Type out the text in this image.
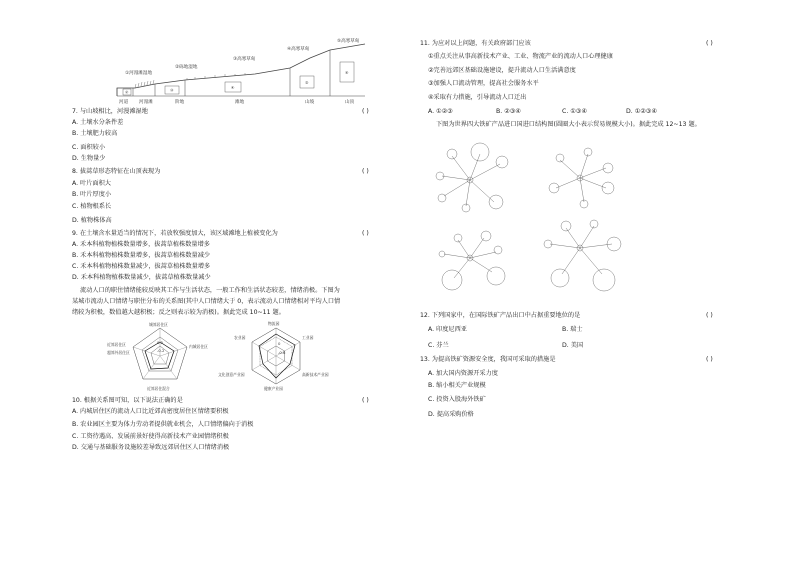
②	③	④
⑤
⑥
①河漫滩湿地
②砾地湿地
③高寒草甸
④高寒草甸
⑤高寒草甸
河道 河漫滩	阶地	滩地	山坡	山顶
7. 与山坡相比，河漫滩湿地	( )
A. 土壤水分条件差
B. 土壤肥力较高
C. 面积较小
D. 生物量少
8. 拔蒿草形态特征在山顶表现为	( )
A. 叶片面积大
B. 叶片厚度小
C. 植物根系长
D. 植物株体高
9. 在土壤含水量适当的情况下，若放牧强度加大，该区域滩地上植被变化为	( )
A. 禾本科植物植株数量增多，拔蒿草植株数量增多
B. 禾本科植物植株数量增多，拔蒿草植株数量减少
C. 禾本科植物植株数量减少，拔蒿草植株数量增多
D. 禾本科植物植株数量减少，拔蒿草植株数量减少
流动人口的职住情绪能较反映其工作与生活状态，一般工作和生活状态较差，情绪消极。下图为
某城市流动人口情绪与职住分布的关系图(其中人口情绪大于 0，表示流动人口情绪相对平均人口情
绪较为积极，数值越大越积极；反之则表示较为消极)。据此完成 10~11 题。
0.2
-0.2
城郊居住区
内城居住区
近郊居住混合
近郊居住区
超郊外居住区
0
-0.6
物流园
工业园
高新技术产业园
健康产业园
文化创意产业园
农业园
10. 根据关系图可知，以下说法正确的是	( )
A. 内城居住区的流动人口比近郊高密度居住区情绪要积极
B. 农业园区主要为体力劳动者提供就业机会，人口情绪偏向于消极
C. 工资待遇高、发展前景好使得高新技术产业园情绪积极
D. 交通与基础服务设施较差导致远郊居住区人口情绪消极
11. 为应对以上问题，有关政府部门应该	( )
①重点关注从事高新技术产业、工业、物流产业的流动人口心理健康
②完善远郊区基础设施建设，提升流动人口生活满意度
③加强人口流动管理，提高社会服务水平
④采取有力措施，引导流动人口迁出
A. ①②③	B. ②③④	C. ①③④	D. ①②③④
下图为世界四大铁矿产品进口国进口结构图(圆圈大小表示贸易规模大小)。据此完成 12~13 题。
12. 下列国家中，在国际铁矿产品出口中占据重要地位的是	( )
A. 印度尼西亚	B. 瑞士
C. 芬兰	D. 美国
13. 为提高铁矿资源安全度，我国可采取的措施是	( )
A. 加大国内资源开采力度
B. 缩小相关产业规模
C. 投资入股海外铁矿
D. 提高采购价格
